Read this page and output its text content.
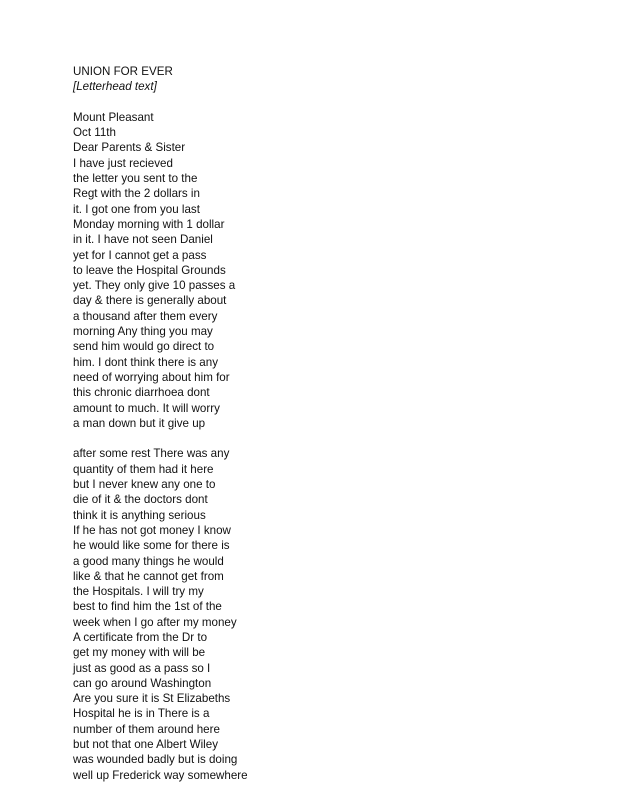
UNION FOR EVER
[Letterhead text]
Mount Pleasant
Oct 11th
Dear Parents & Sister
I have just recieved
the letter you sent to the
Regt with the 2 dollars in
it. I got one from you last
Monday morning with 1 dollar
in it. I have not seen Daniel
yet for I cannot get a pass
to leave the Hospital Grounds
yet. They only give 10 passes a
day & there is generally about
a thousand after them every
morning Any thing you may
send him would go direct to
him. I dont think there is any
need of worrying about him for
this chronic diarrhoea dont
amount to much. It will worry
a man down but it give up
after some rest There was any
quantity of them had it here
but I never knew any one to
die of it & the doctors dont
think it is anything serious
If he has not got money I know
he would like some for there is
a good many things he would
like & that he cannot get from
the Hospitals. I will try my
best to find him the 1st of the
week when I go after my money
A certificate from the Dr to
get my money with will be
just as good as a pass so I
can go around Washington
Are you sure it is St Elizabeths
Hospital he is in There is a
number of them around here
but not that one Albert Wiley
was wounded badly but is doing
well up Frederick way somewhere
